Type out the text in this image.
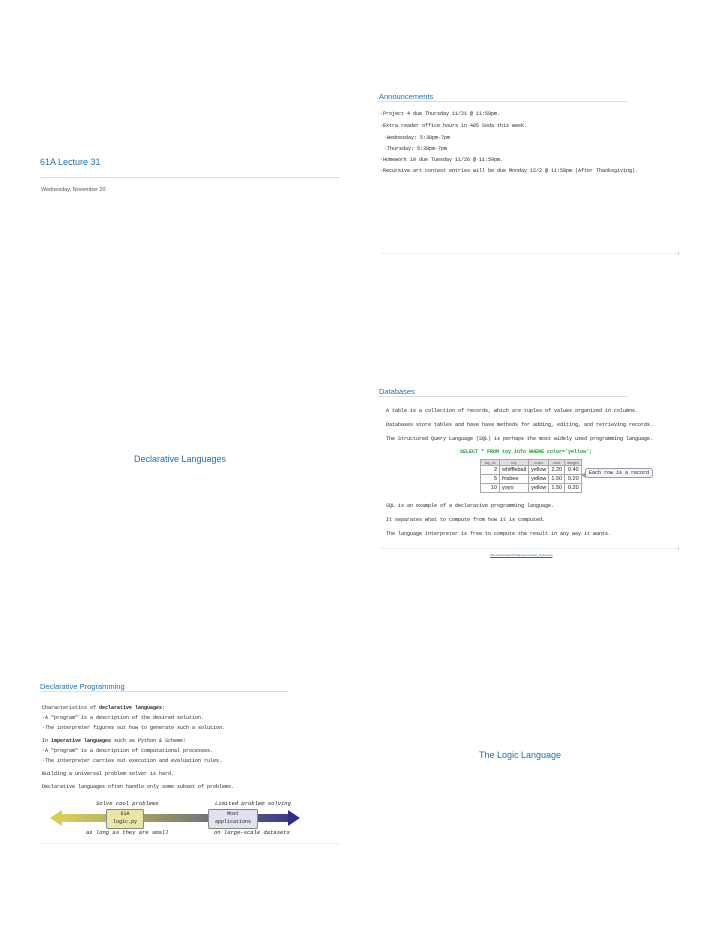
61A Lecture 31
Wednesday, November 20
Announcements
◦Project 4 due Thursday 11/21 @ 11:59pm.
◦Extra reader office hours in 405 Soda this week.
◦Wednesday: 5:30pm-7pm
◦Thursday: 5:30pm-7pm
◦Homework 10 due Tuesday 11/26 @ 11:59pm.
◦Recursive art contest entries will be due Monday 12/2 @ 11:59pm (After Thanksgiving).
Declarative Languages
Databases
A table is a collection of records, which are tuples of values organized in columns.
Databases store tables and have have methods for adding, editing, and retrieving records.
The Structured Query Language (SQL) is perhaps the most widely used programming language.
SELECT * FROM toy_info WHERE color='yellow';
toy_id	toy	color	cost	weight
2	whiffleball	yellow	2.20	0.40
5	frisbee	yellow	1.50	0.20
10	yoyo	yellow	1.50	0.20
Each row is a record
SQL is an example of a declarative programming language.
It separates what to compute from how it is computed.
The language interpreter is free to compute the result in any way it wants.
http://www.desertfirstlamps.com/sql_toyset.php
Declarative Programming
Characteristics of declarative languages:
◦A "program" is a description of the desired solution.
◦The interpreter figures out how to generate such a solution.
In imperative languages such as Python & Scheme:
◦A "program" is a description of computational processes.
◦The interpreter carries out execution and evaluation rules.
Building a universal problem solver is hard.
Declarative languages often handle only some subset of problems.
Solve cool problems	Limited problem solving
61A
logic.py
Most
applications
as long as they are small	on large-scale datasets
The Logic Language
